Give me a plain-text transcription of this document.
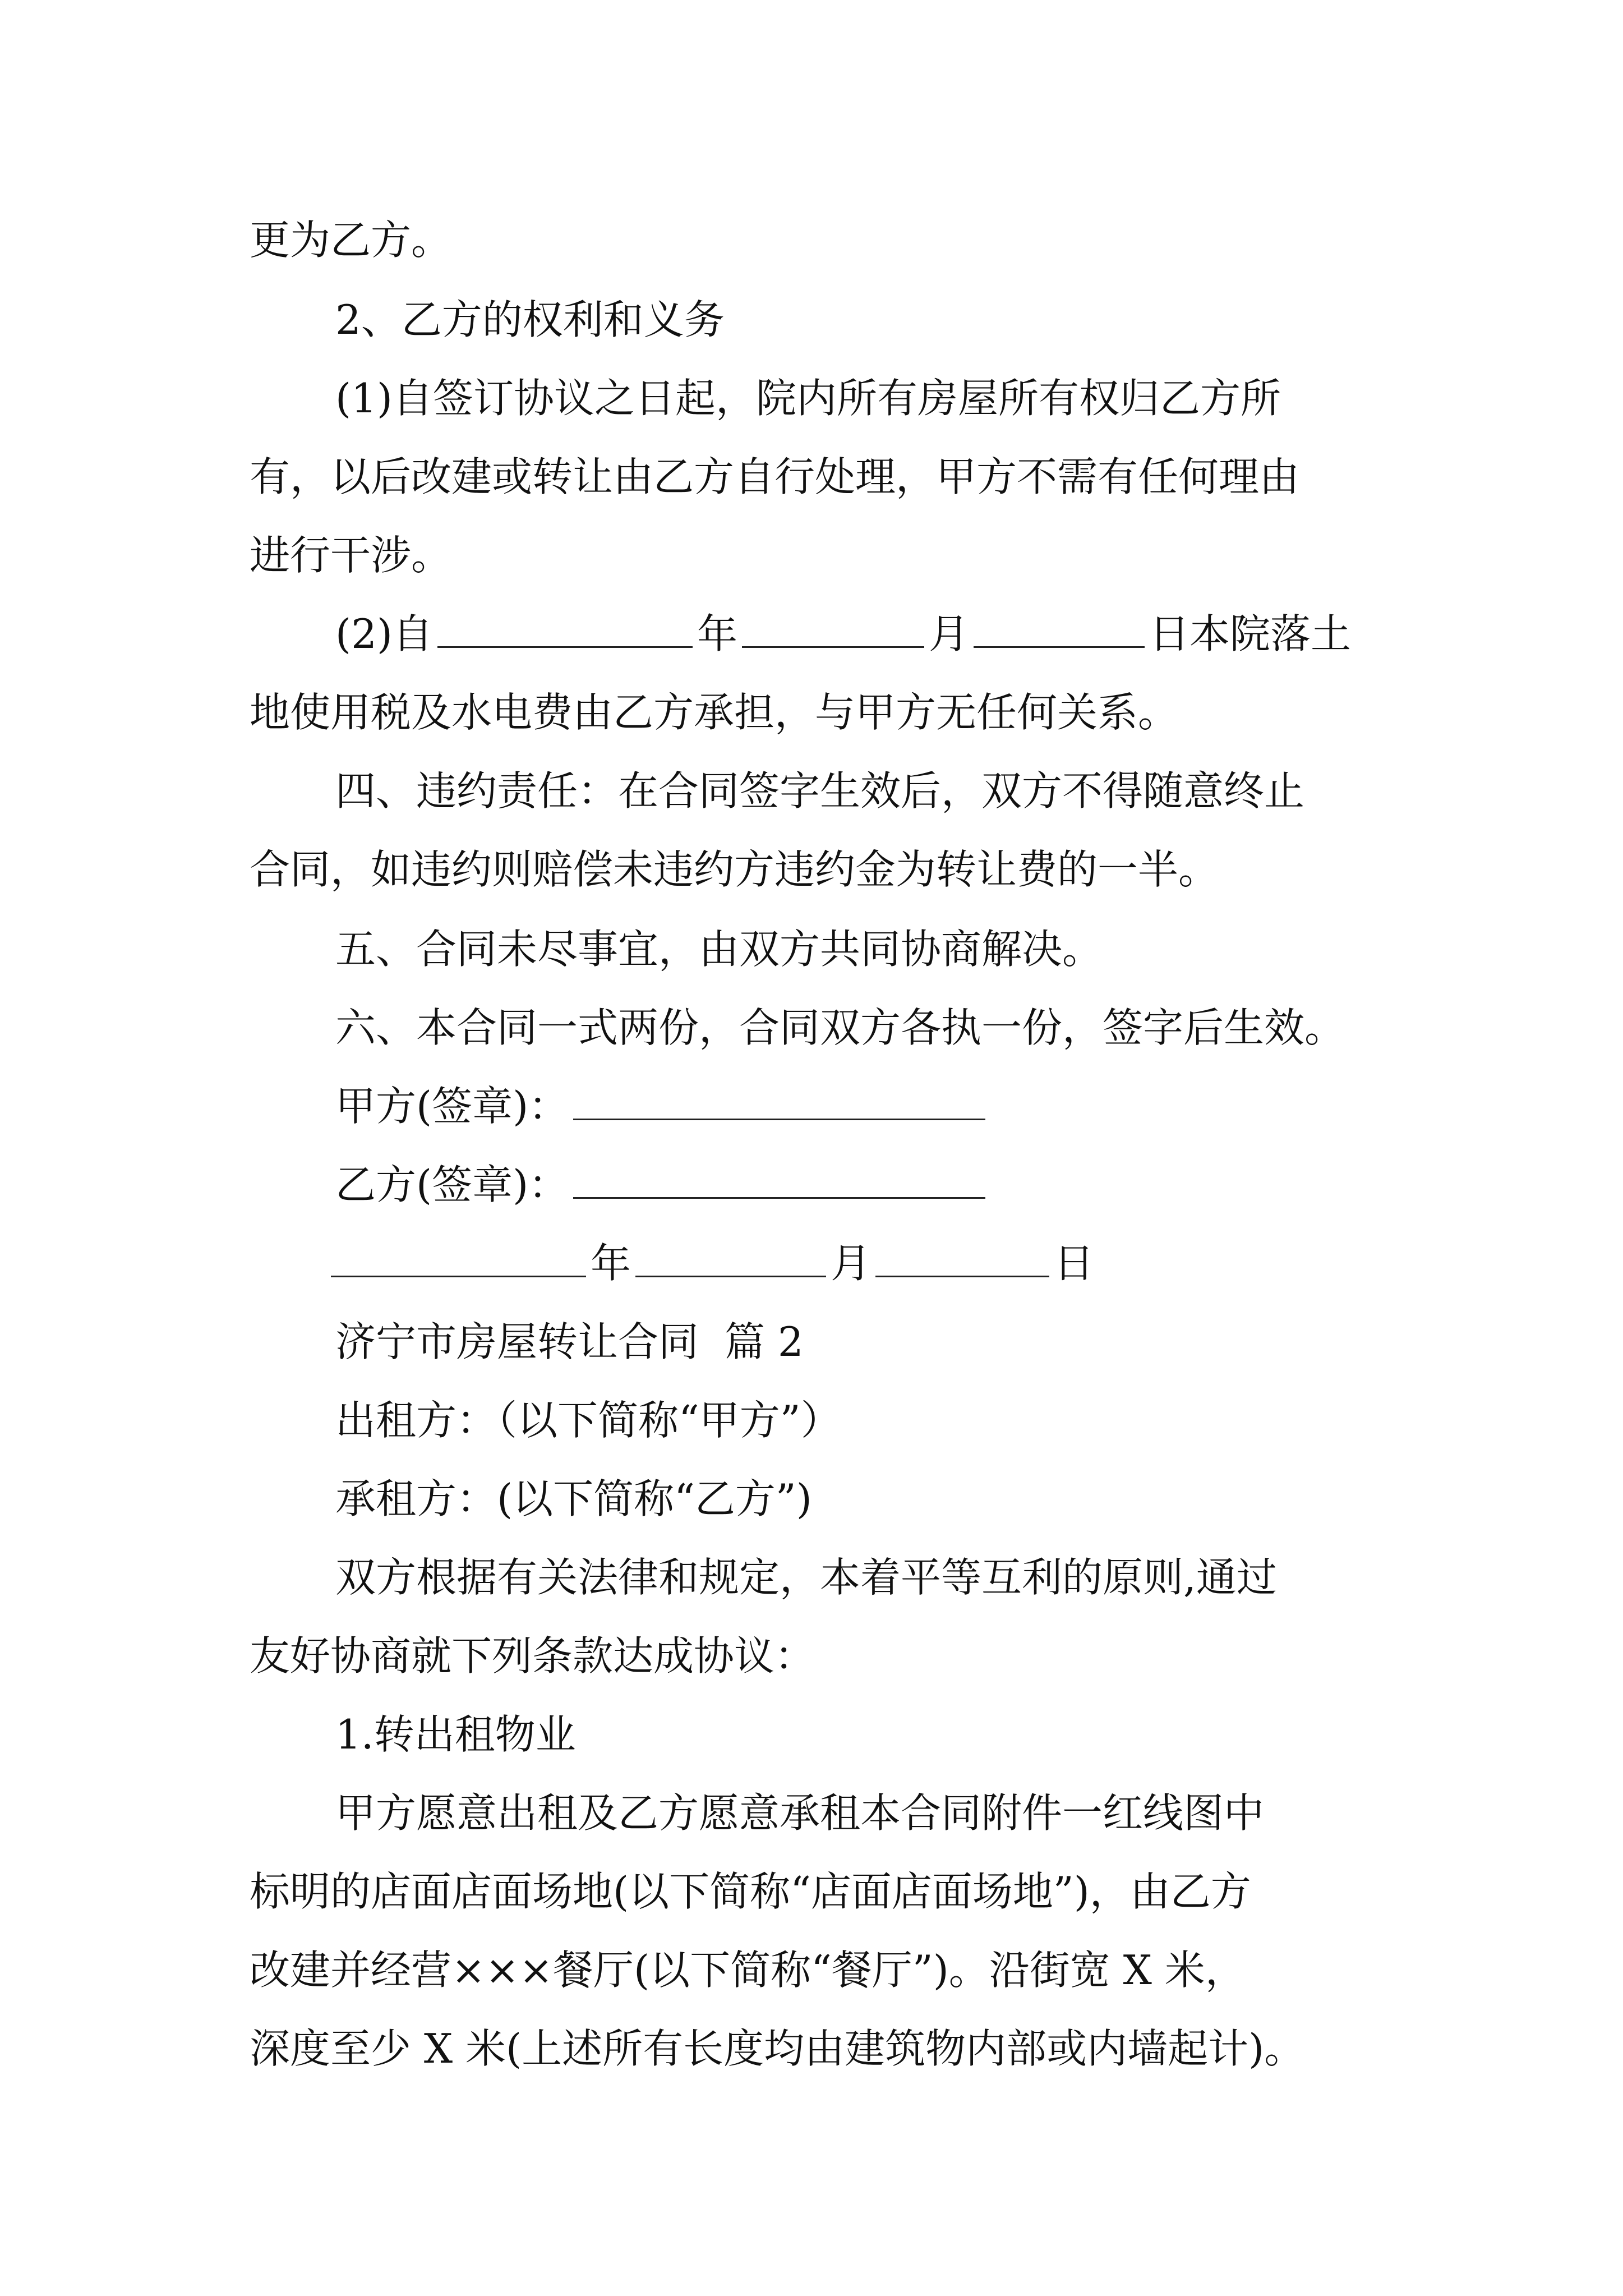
更为乙方。
2、乙方的权利和义务
(1)自签订协议之日起，院内所有房屋所有权归乙方所
有，以后改建或转让由乙方自行处理，甲方不需有任何理由
进行干涉。
(2)自	年	月	日本院落土
地使用税及水电费由乙方承担，与甲方无任何关系。
四、违约责任：在合同签字生效后，双方不得随意终止
合同，如违约则赔偿未违约方违约金为转让费的一半。
五、合同未尽事宜，由双方共同协商解决。
六、本合同一式两份，合同双方各执一份，签字后生效。
甲方(签章)：
乙方(签章)：
年	月	日
济宁市房屋转让合同 篇 2
出租方：（以下简称“甲方”）
承租方：(以下简称“乙方”)
双方根据有关法律和规定，本着平等互利的原则,通过
友好协商就下列条款达成协议：
1.转出租物业
甲方愿意出租及乙方愿意承租本合同附件一红线图中
标明的店面店面场地(以下简称“店面店面场地”)，由乙方
改建并经营×××餐厅(以下简称“餐厅”)。沿街宽 X 米，
深度至少 X 米(上述所有长度均由建筑物内部或内墙起计)。
